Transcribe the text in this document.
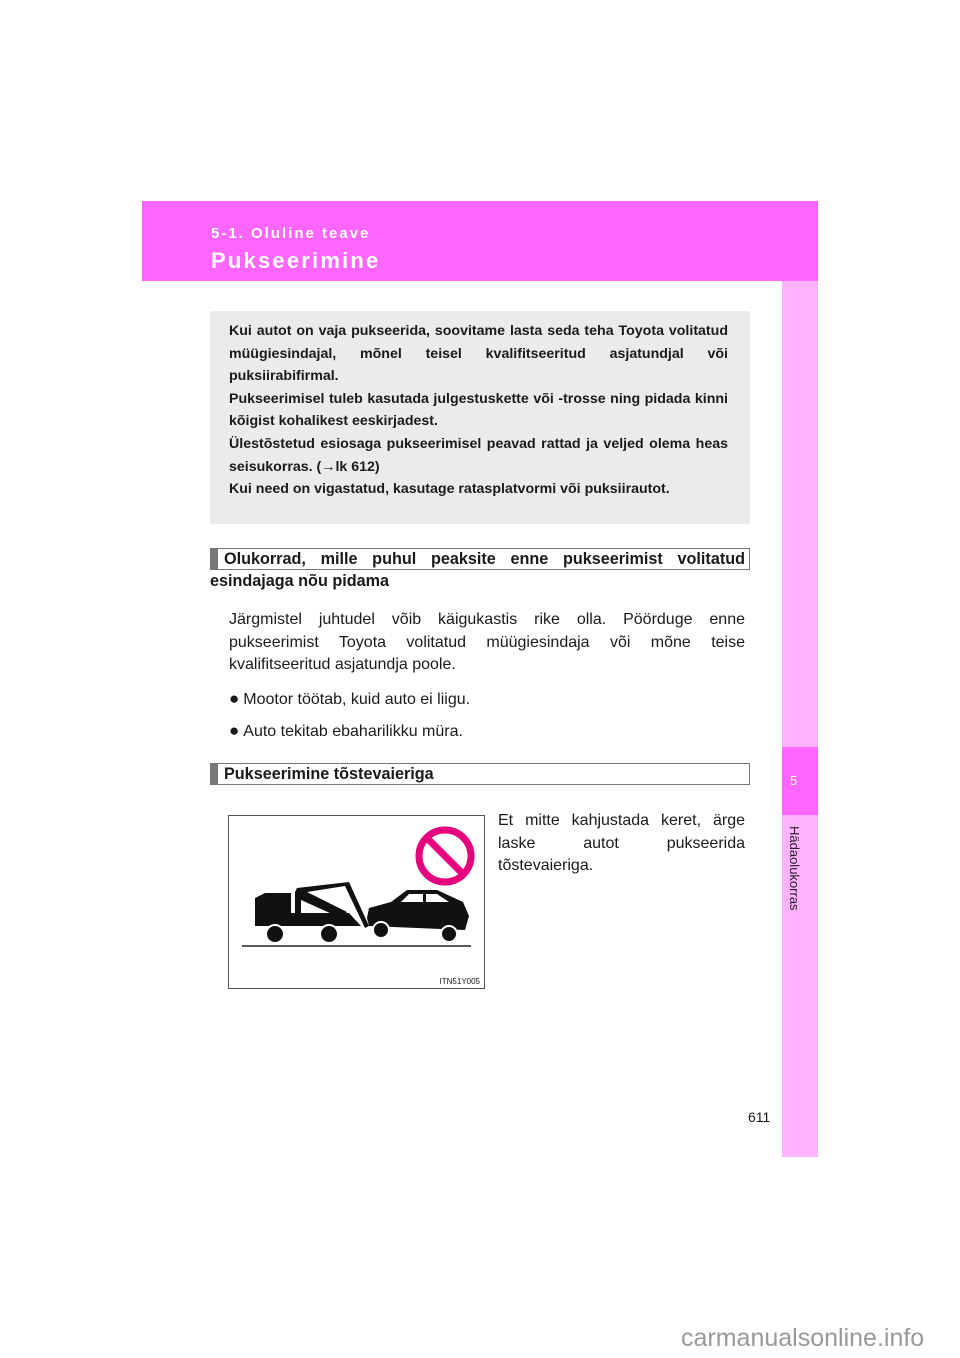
5-1. Oluline teave
Pukseerimine
5
Hädaolukorras

Kui autot on vaja pukseerida, soovitame lasta seda teha Toyota volitatud müügiesindajal, mõnel teisel kvalifitseeritud asjatundjal või puksiirabifirmal.

Pukseerimisel tuleb kasutada julgestuskette või -trosse ning pidada kinni kõigist kohalikest eeskirjadest.

Ülestõstetud esiosaga pukseerimisel peavad rattad ja veljed olema heas seisukorras. (→lk 612)

Kui need on vigastatud, kasutage ratasplatvormi või puksiirautot.

Olukorrad, mille puhul peaksite enne pukseerimist volitatud
esindajaga nõu pidama
Järgmistel juhtudel võib käigukastis rike olla. Pöörduge enne pukseerimist Toyota volitatud müügiesindaja või mõne teise kvalifitseeritud asjatundja poole.
● Mootor töötab, kuid auto ei liigu.
● Auto tekitab ebaharilikku müra.
Pukseerimine tõstevaieriga
Et mitte kahjustada keret, ärge laske autot pukseerida tõstevaieriga.
ITN51Y005
611
carmanualsonline.info
